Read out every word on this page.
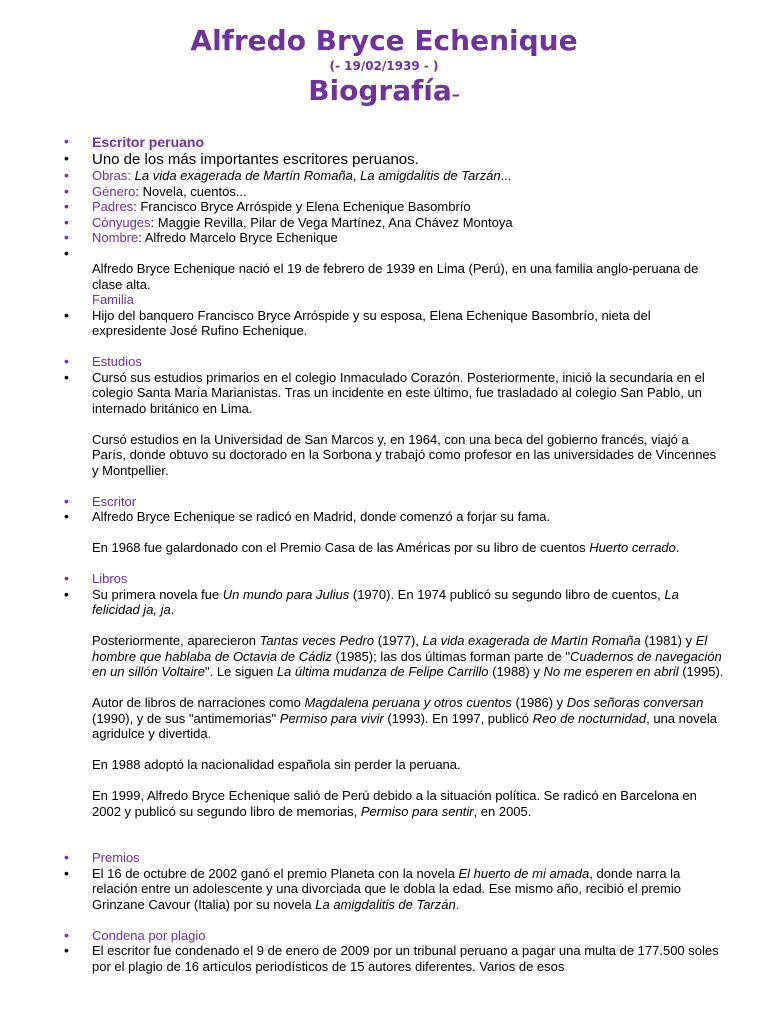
Alfredo Bryce Echenique

(- 19/02/1939 - )

Biografía–

• Escritor peruano
• Uno de los más importantes escritores peruanos.
• Obras: La vida exagerada de Martín Romaña, La amigdalitis de Tarzán...
• Género: Novela, cuentos...
• Padres: Francisco Bryce Arróspide y Elena Echenique Basombrío
• Cónyuges: Maggie Revilla, Pilar de Vega Martínez, Ana Chávez Montoya
• Nombre: Alfredo Marcelo Bryce Echenique
•

Alfredo Bryce Echenique nació el 19 de febrero de 1939 en Lima (Perú), en una familia anglo-peruana de clase alta.

Familia
• Hijo del banquero Francisco Bryce Arróspide y su esposa, Elena Echenique Basombrío, nieta del expresidente José Rufino Echenique.

• Estudios
• Cursó sus estudios primarios en el colegio Inmaculado Corazón. Posteriormente, inició la secundaria en el colegio Santa María Marianistas. Tras un incidente en este último, fue trasladado al colegio San Pablo, un internado británico en Lima.

Cursó estudios en la Universidad de San Marcos y, en 1964, con una beca del gobierno francés, viajó a París, donde obtuvo su doctorado en la Sorbona y trabajó como profesor en las universidades de Vincennes y Montpellier.

• Escritor
• Alfredo Bryce Echenique se radicó en Madrid, donde comenzó a forjar su fama.

En 1968 fue galardonado con el Premio Casa de las Américas por su libro de cuentos Huerto cerrado.

• Libros
• Su primera novela fue Un mundo para Julius (1970). En 1974 publicó su segundo libro de cuentos, La felicidad ja, ja.

Posteriormente, aparecieron Tantas veces Pedro (1977), La vida exagerada de Martín Romaña (1981) y El hombre que hablaba de Octavia de Cádiz (1985); las dos últimas forman parte de "Cuadernos de navegación en un sillón Voltaire". Le siguen La última mudanza de Felipe Carrillo (1988) y No me esperen en abril (1995).

Autor de libros de narraciones como Magdalena peruana y otros cuentos (1986) y Dos señoras conversan (1990), y de sus "antimemorias" Permiso para vivir (1993). En 1997, publicó Reo de nocturnidad, una novela agridulce y divertida.

En 1988 adoptó la nacionalidad española sin perder la peruana.

En 1999, Alfredo Bryce Echenique salió de Perú debido a la situación política. Se radicó en Barcelona en 2002 y publicó su segundo libro de memorias, Permiso para sentir, en 2005.

• Premios
• El 16 de octubre de 2002 ganó el premio Planeta con la novela El huerto de mi amada, donde narra la relación entre un adolescente y una divorciada que le dobla la edad. Ese mismo año, recibió el premio Grinzane Cavour (Italia) por su novela La amigdalitis de Tarzán.

• Condena por plagio
• El escritor fue condenado el 9 de enero de 2009 por un tribunal peruano a pagar una multa de 177.500 soles por el plagio de 16 artículos periodísticos de 15 autores diferentes. Varios de esos
